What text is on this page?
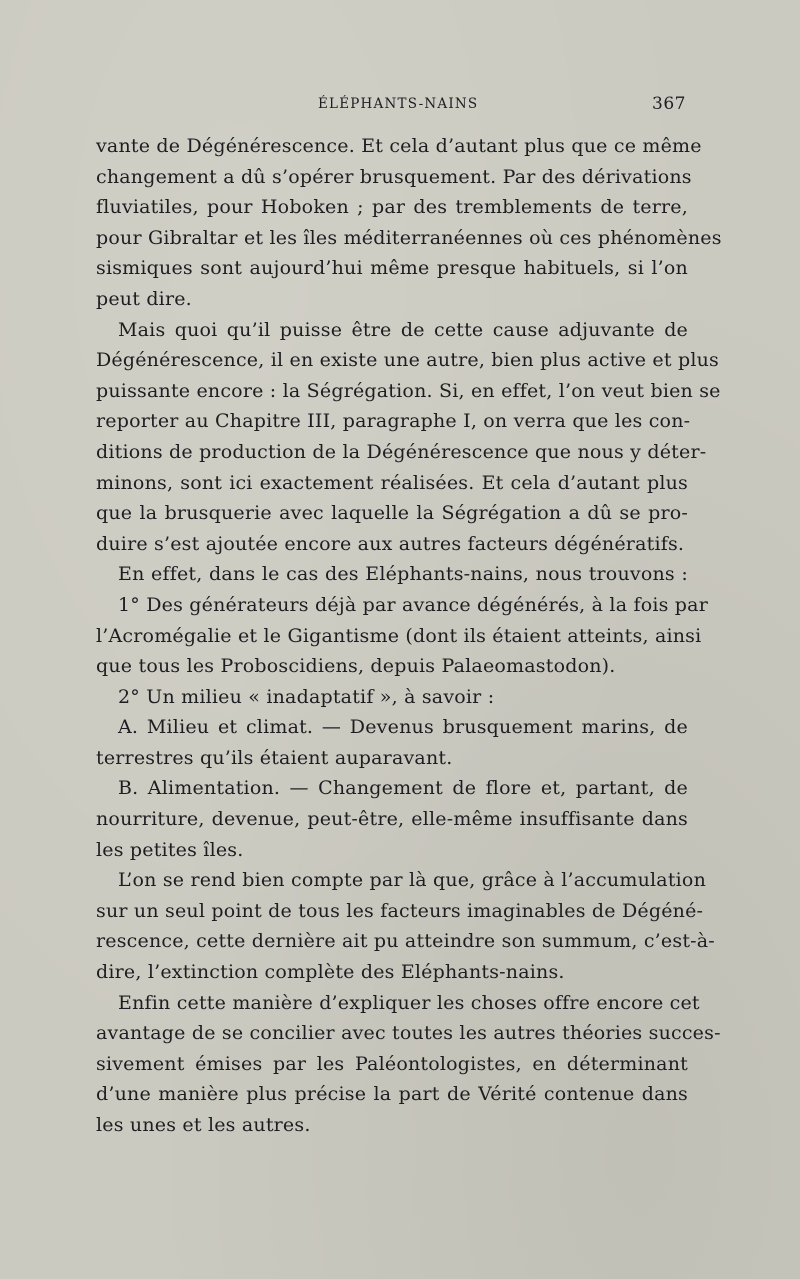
ÉLÉPHANTS-NAINS	367
vante de Dégénérescence. Et cela d’autant plus que ce même
changement a dû s’opérer brusquement. Par des dérivations
fluviatiles, pour Hoboken ; par des tremblements de terre,
pour Gibraltar et les îles méditerranéennes où ces phénomènes
sismiques sont aujourd’hui même presque habituels, si l’on
peut dire.
Mais quoi qu’il puisse être de cette cause adjuvante de
Dégénérescence, il en existe une autre, bien plus active et plus
puissante encore : la Ségrégation. Si, en effet, l’on veut bien se
reporter au Chapitre III, paragraphe I, on verra que les con-
ditions de production de la Dégénérescence que nous y déter-
minons, sont ici exactement réalisées. Et cela d’autant plus
que la brusquerie avec laquelle la Ségrégation a dû se pro-
duire s’est ajoutée encore aux autres facteurs dégénératifs.
En effet, dans le cas des Eléphants-nains, nous trouvons :
1° Des générateurs déjà par avance dégénérés, à la fois par
l’Acromégalie et le Gigantisme (dont ils étaient atteints, ainsi
que tous les Proboscidiens, depuis Palaeomastodon).
2° Un milieu « inadaptatif », à savoir :
A. Milieu et climat. — Devenus brusquement marins, de
terrestres qu’ils étaient auparavant.
B. Alimentation. — Changement de flore et, partant, de
nourriture, devenue, peut-être, elle-même insuffisante dans
les petites îles.
L’on se rend bien compte par là que, grâce à l’accumulation
sur un seul point de tous les facteurs imaginables de Dégéné-
rescence, cette dernière ait pu atteindre son summum, c’est-à-
dire, l’extinction complète des Eléphants-nains.
Enfin cette manière d’expliquer les choses offre encore cet
avantage de se concilier avec toutes les autres théories succes-
sivement émises par les Paléontologistes, en déterminant
d’une manière plus précise la part de Vérité contenue dans
les unes et les autres.
